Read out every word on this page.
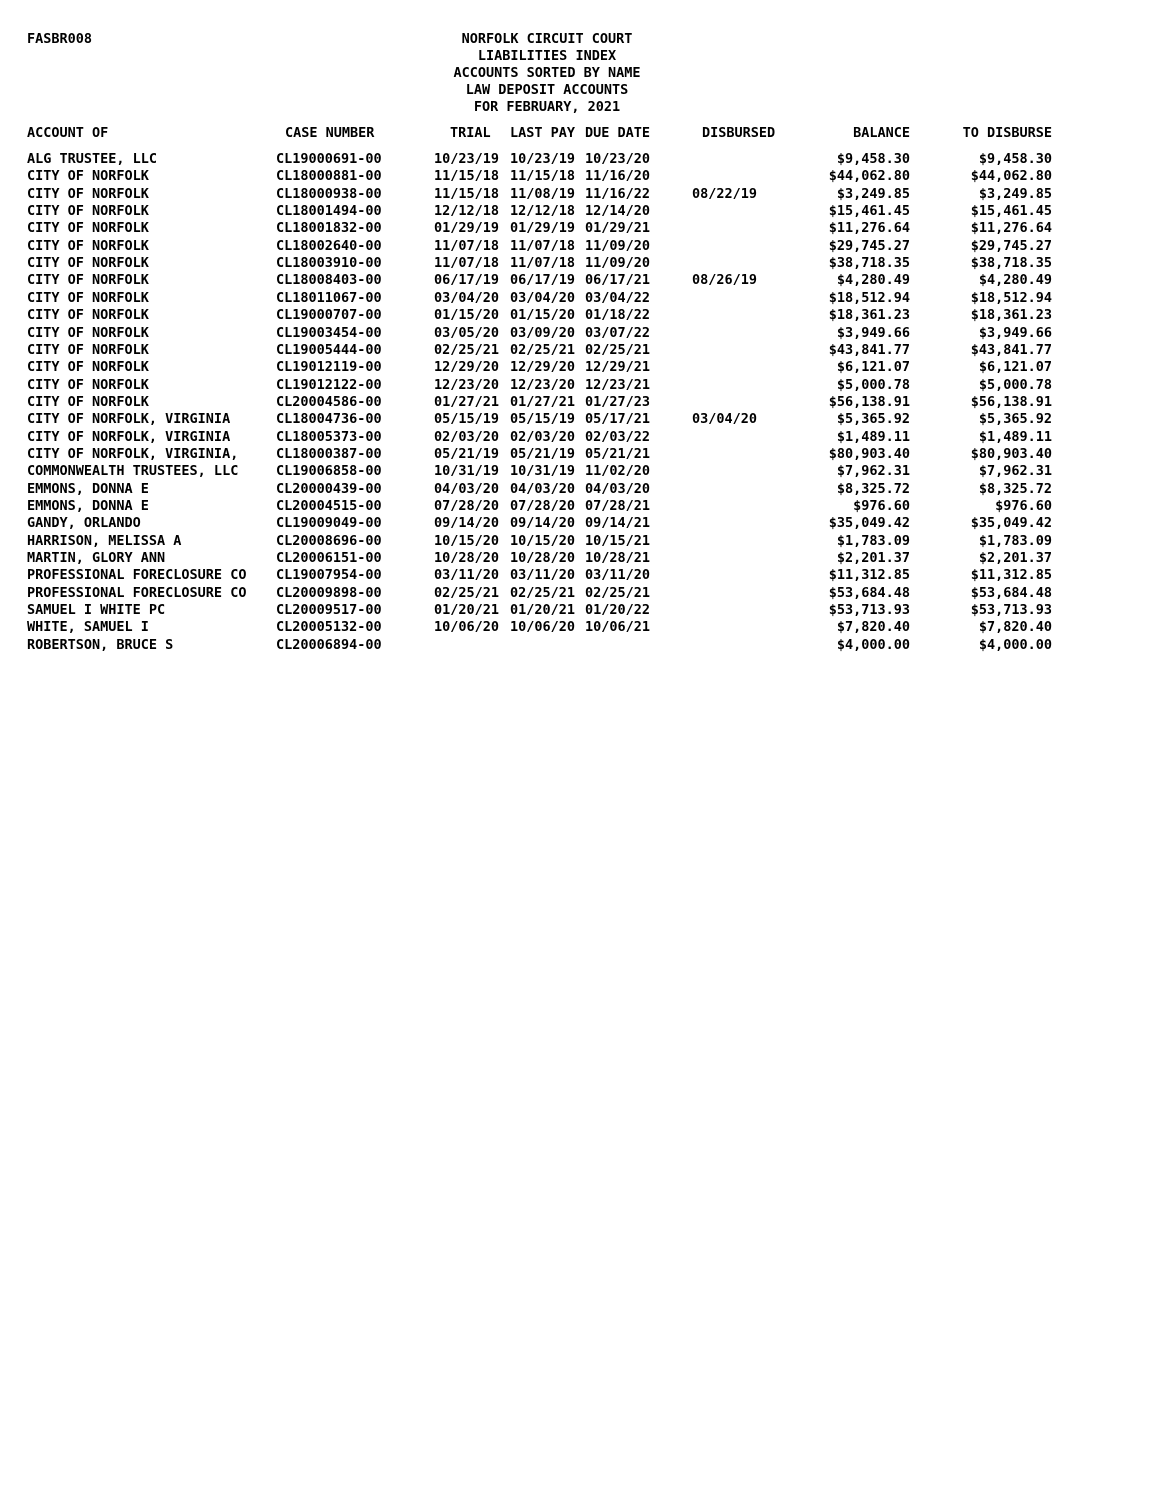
FASBR008	NORFOLK CIRCUIT COURT
LIABILITIES INDEX
ACCOUNTS SORTED BY NAME
LAW DEPOSIT ACCOUNTS
FOR FEBRUARY, 2021
ACCOUNT OF	CASE NUMBER	TRIAL LAST PAY DUE DATE	DISBURSED	BALANCE	TO DISBURSE
ALG TRUSTEE, LLC	CL19000691-00	10/23/19 10/23/19 10/23/20	$9,458.30	$9,458.30
CITY OF NORFOLK	CL18000881-00	11/15/18 11/15/18 11/16/20	$44,062.80	$44,062.80
CITY OF NORFOLK	CL18000938-00	11/15/18 11/08/19 11/16/22	08/22/19	$3,249.85	$3,249.85
CITY OF NORFOLK	CL18001494-00	12/12/18 12/12/18 12/14/20	$15,461.45	$15,461.45
CITY OF NORFOLK	CL18001832-00	01/29/19 01/29/19 01/29/21	$11,276.64	$11,276.64
CITY OF NORFOLK	CL18002640-00	11/07/18 11/07/18 11/09/20	$29,745.27	$29,745.27
CITY OF NORFOLK	CL18003910-00	11/07/18 11/07/18 11/09/20	$38,718.35	$38,718.35
CITY OF NORFOLK	CL18008403-00	06/17/19 06/17/19 06/17/21	08/26/19	$4,280.49	$4,280.49
CITY OF NORFOLK	CL18011067-00	03/04/20 03/04/20 03/04/22	$18,512.94	$18,512.94
CITY OF NORFOLK	CL19000707-00	01/15/20 01/15/20 01/18/22	$18,361.23	$18,361.23
CITY OF NORFOLK	CL19003454-00	03/05/20 03/09/20 03/07/22	$3,949.66	$3,949.66
CITY OF NORFOLK	CL19005444-00	02/25/21 02/25/21 02/25/21	$43,841.77	$43,841.77
CITY OF NORFOLK	CL19012119-00	12/29/20 12/29/20 12/29/21	$6,121.07	$6,121.07
CITY OF NORFOLK	CL19012122-00	12/23/20 12/23/20 12/23/21	$5,000.78	$5,000.78
CITY OF NORFOLK	CL20004586-00	01/27/21 01/27/21 01/27/23	$56,138.91	$56,138.91
CITY OF NORFOLK, VIRGINIA	CL18004736-00	05/15/19 05/15/19 05/17/21	03/04/20	$5,365.92	$5,365.92
CITY OF NORFOLK, VIRGINIA	CL18005373-00	02/03/20 02/03/20 02/03/22	$1,489.11	$1,489.11
CITY OF NORFOLK, VIRGINIA,	CL18000387-00	05/21/19 05/21/19 05/21/21	$80,903.40	$80,903.40
COMMONWEALTH TRUSTEES, LLC	CL19006858-00	10/31/19 10/31/19 11/02/20	$7,962.31	$7,962.31
EMMONS, DONNA E	CL20000439-00	04/03/20 04/03/20 04/03/20	$8,325.72	$8,325.72
EMMONS, DONNA E	CL20004515-00	07/28/20 07/28/20 07/28/21	$976.60	$976.60
GANDY, ORLANDO	CL19009049-00	09/14/20 09/14/20 09/14/21	$35,049.42	$35,049.42
HARRISON, MELISSA A	CL20008696-00	10/15/20 10/15/20 10/15/21	$1,783.09	$1,783.09
MARTIN, GLORY ANN	CL20006151-00	10/28/20 10/28/20 10/28/21	$2,201.37	$2,201.37
PROFESSIONAL FORECLOSURE CO CL19007954-00	03/11/20 03/11/20 03/11/20	$11,312.85	$11,312.85
PROFESSIONAL FORECLOSURE CO CL20009898-00	02/25/21 02/25/21 02/25/21	$53,684.48	$53,684.48
SAMUEL I WHITE PC	CL20009517-00	01/20/21 01/20/21 01/20/22	$53,713.93	$53,713.93
WHITE, SAMUEL I	CL20005132-00	10/06/20 10/06/20 10/06/21	$7,820.40	$7,820.40
ROBERTSON, BRUCE S	CL20006894-00	$4,000.00	$4,000.00
